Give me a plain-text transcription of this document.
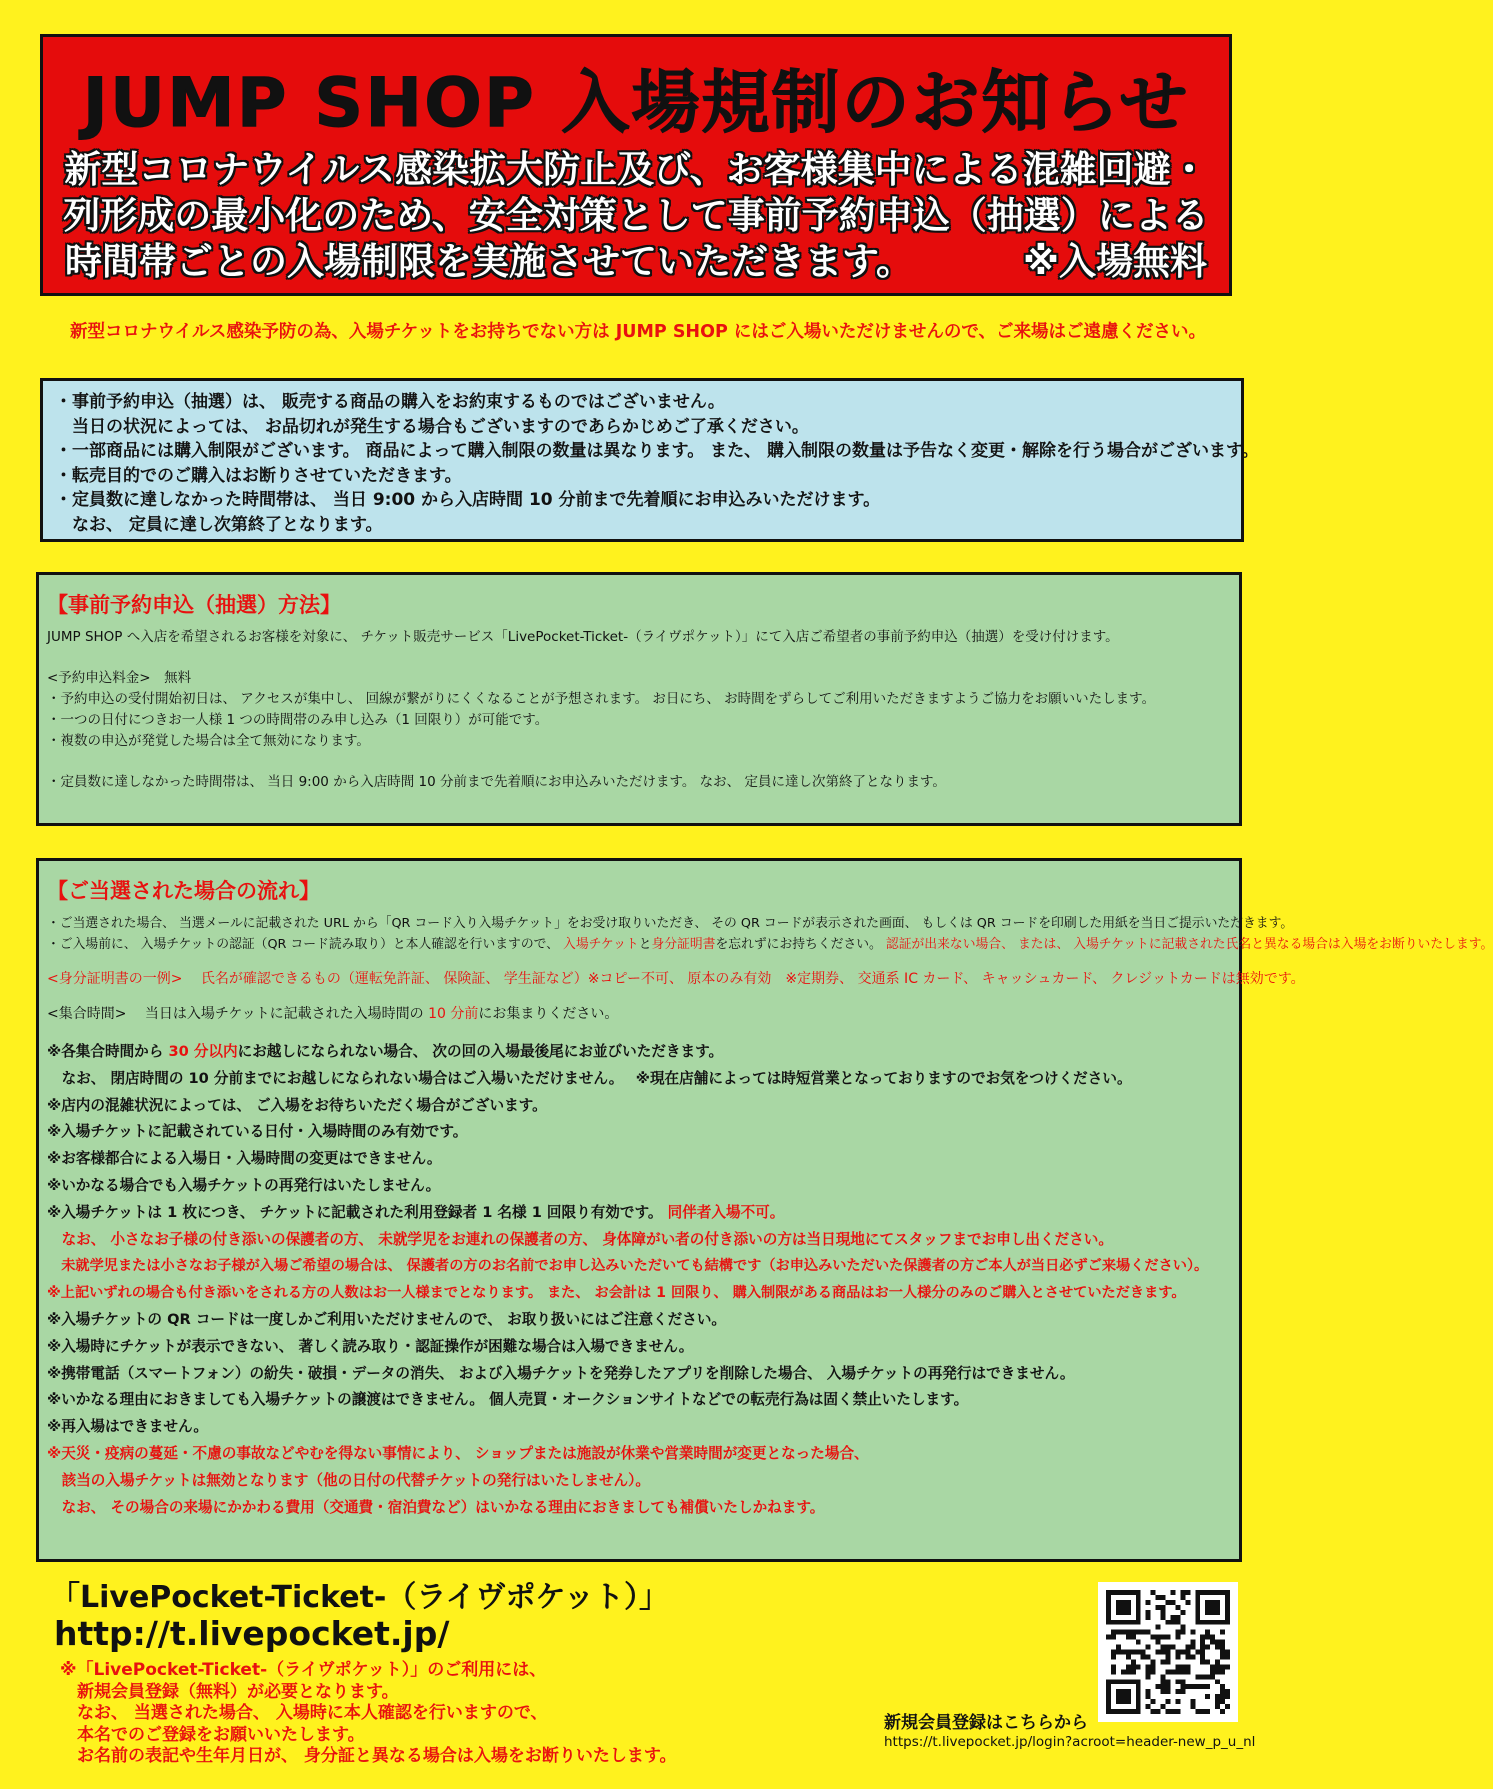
JUMP SHOP 入場規制のお知らせ
新型コロナウイルス感染拡大防止及び、お客様集中による混雑回避・
列形成の最小化のため、安全対策として事前予約申込（抽選）による
時間帯ごとの入場制限を実施させていただきます。	※入場無料
新型コロナウイルス感染予防の為、入場チケットをお持ちでない方は JUMP SHOP にはご入場いただけませんので、ご来場はご遠慮ください。
・事前予約申込（抽選）は、 販売する商品の購入をお約束するものではございません。
　当日の状況によっては、 お品切れが発生する場合もございますのであらかじめご了承ください。
・一部商品には購入制限がございます。 商品によって購入制限の数量は異なります。 また、 購入制限の数量は予告なく変更・解除を行う場合がございます。
・転売目的でのご購入はお断りさせていただきます。
・定員数に達しなかった時間帯は、 当日 9:00 から入店時間 10 分前まで先着順にお申込みいただけます。
　なお、 定員に達し次第終了となります。
【事前予約申込（抽選）方法】
JUMP SHOP へ入店を希望されるお客様を対象に、 チケット販売サービス「LivePocket-Ticket-（ライヴポケット）」にて入店ご希望者の事前予約申込（抽選）を受け付けます。
<予約申込料金>　無料
・予約申込の受付開始初日は、 アクセスが集中し、 回線が繋がりにくくなることが予想されます。 お日にち、 お時間をずらしてご利用いただきますようご協力をお願いいたします。
・一つの日付につきお一人様 1 つの時間帯のみ申し込み（1 回限り）が可能です。
・複数の申込が発覚した場合は全て無効になります。
・定員数に達しなかった時間帯は、 当日 9:00 から入店時間 10 分前まで先着順にお申込みいただけます。 なお、 定員に達し次第終了となります。
【ご当選された場合の流れ】
・ご当選された場合、 当選メールに記載された URL から「QR コード入り入場チケット」をお受け取りいただき、 その QR コードが表示された画面、 もしくは QR コードを印刷した用紙を当日ご提示いただきます。
・ご入場前に、 入場チケットの認証（QR コード読み取り）と本人確認を行いますので、 入場チケットと身分証明書を忘れずにお持ちください。 認証が出来ない場合、 または、 入場チケットに記載された氏名と異なる場合は入場をお断りいたします。
<身分証明書の一例>　 氏名が確認できるもの（運転免許証、 保険証、 学生証など）※コピー不可、 原本のみ有効　※定期券、 交通系 IC カード、 キャッシュカード、 クレジットカードは無効です。
<集合時間>　 当日は入場チケットに記載された入場時間の 10 分前にお集まりください。
※各集合時間から 30 分以内にお越しになられない場合、 次の回の入場最後尾にお並びいただきます。
　なお、 閉店時間の 10 分前までにお越しになられない場合はご入場いただけません。　 ※現在店舗によっては時短営業となっておりますのでお気をつけください。
※店内の混雑状況によっては、 ご入場をお待ちいただく場合がございます。
※入場チケットに記載されている日付・入場時間のみ有効です。
※お客様都合による入場日・入場時間の変更はできません。
※いかなる場合でも入場チケットの再発行はいたしません。
※入場チケットは 1 枚につき、 チケットに記載された利用登録者 1 名様 1 回限り有効です。 同伴者入場不可。
　なお、 小さなお子様の付き添いの保護者の方、 未就学児をお連れの保護者の方、 身体障がい者の付き添いの方は当日現地にてスタッフまでお申し出ください。
　未就学児または小さなお子様が入場ご希望の場合は、 保護者の方のお名前でお申し込みいただいても結構です（お申込みいただいた保護者の方ご本人が当日必ずご来場ください）。
※上記いずれの場合も付き添いをされる方の人数はお一人様までとなります。 また、 お会計は 1 回限り、 購入制限がある商品はお一人様分のみのご購入とさせていただきます。
※入場チケットの QR コードは一度しかご利用いただけませんので、 お取り扱いにはご注意ください。
※入場時にチケットが表示できない、 著しく読み取り・認証操作が困難な場合は入場できません。
※携帯電話（スマートフォン）の紛失・破損・データの消失、 および入場チケットを発券したアプリを削除した場合、 入場チケットの再発行はできません。
※いかなる理由におきましても入場チケットの譲渡はできません。 個人売買・オークションサイトなどでの転売行為は固く禁止いたします。
※再入場はできません。
※天災・疫病の蔓延・不慮の事故などやむを得ない事情により、 ショップまたは施設が休業や営業時間が変更となった場合、
　該当の入場チケットは無効となります（他の日付の代替チケットの発行はいたしません）。
　なお、 その場合の来場にかかわる費用（交通費・宿泊費など）はいかなる理由におきましても補償いたしかねます。
「LivePocket-Ticket-（ライヴポケット）」
http://t.livepocket.jp/
※「LivePocket-Ticket-（ライヴポケット）」のご利用には、
　新規会員登録（無料）が必要となります。
　なお、 当選された場合、 入場時に本人確認を行いますので、
　本名でのご登録をお願いいたします。
　お名前の表記や生年月日が、 身分証と異なる場合は入場をお断りいたします。
新規会員登録はこちらから
https://t.livepocket.jp/login?acroot=header-new_p_u_nl
